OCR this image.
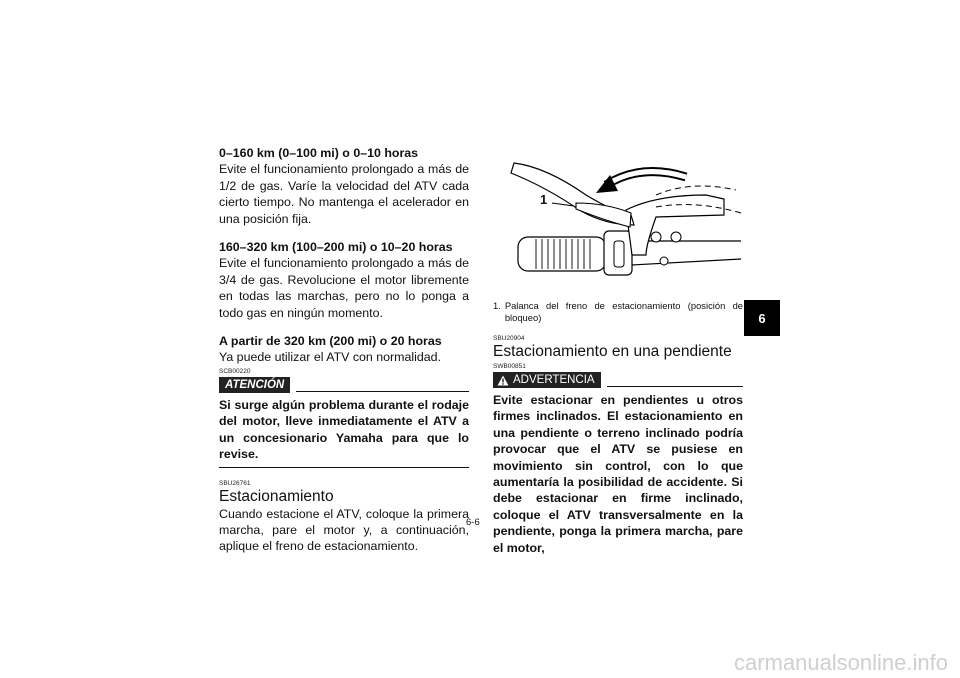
0–160 km (0–100 mi) o 0–10 horas

Evite el funcionamiento prolongado a más de 1/2 de gas. Varíe la velocidad del ATV cada cierto tiempo. No mantenga el acelerador en una posición fija.

160–320 km (100–200 mi) o 10–20 horas

Evite el funcionamiento prolongado a más de 3/4 de gas. Revolucione el motor libremente en todas las marchas, pero no lo ponga a todo gas en ningún momento.

A partir de 320 km (200 mi) o 20 horas

Ya puede utilizar el ATV con normalidad.

SCB00220
ATENCIÓN

Si surge algún problema durante el rodaje del motor, lleve inmediatamente el ATV a un concesionario Yamaha para que lo revise.

SBU26761

Estacionamiento

Cuando estacione el ATV, coloque la primera marcha, pare el motor y, a continuación, aplique el freno de estacionamiento.

1

1. Palanca del freno de estacionamiento (posición de bloqueo)

SBU20904

Estacionamiento en una pendiente

SWB00851
ADVERTENCIA

Evite estacionar en pendientes u otros firmes inclinados. El estacionamiento en una pendiente o terreno inclinado podría provocar que el ATV se pusiese en movimiento sin control, con lo que aumentaría la posibilidad de accidente. Si debe estacionar en firme inclinado, coloque el ATV transversalmente en la pendiente, ponga la primera marcha, pare el motor,

6
6-6
carmanualsonline.info
